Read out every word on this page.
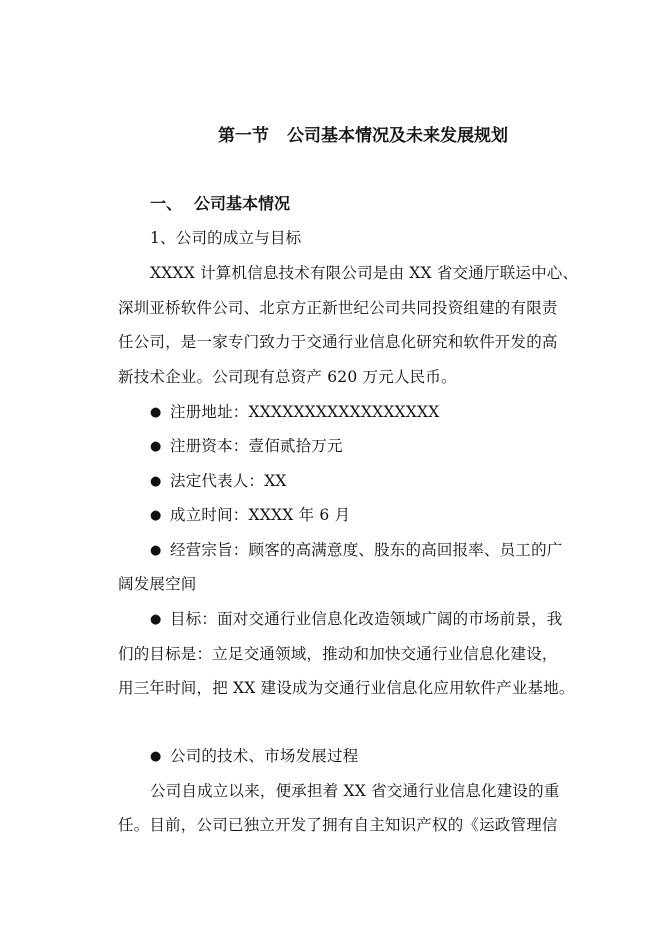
第一节 公司基本情况及未来发展规划
一、 公司基本情况
1、公司的成立与目标
XXXX 计算机信息技术有限公司是由 XX 省交通厅联运中心、
深圳亚桥软件公司、北京方正新世纪公司共同投资组建的有限责
任公司，是一家专门致力于交通行业信息化研究和软件开发的高
新技术企业。公司现有总资产 620 万元人民币。
● 注册地址：XXXXXXXXXXXXXXXXX
● 注册资本：壹佰贰拾万元
● 法定代表人：XX
● 成立时间：XXXX 年 6 月
● 经营宗旨：顾客的高满意度、股东的高回报率、员工的广
阔发展空间
● 目标：面对交通行业信息化改造领域广阔的市场前景，我
们的目标是：立足交通领域，推动和加快交通行业信息化建设，
用三年时间，把 XX 建设成为交通行业信息化应用软件产业基地。
● 公司的技术、市场发展过程
公司自成立以来，便承担着 XX 省交通行业信息化建设的重
任。目前，公司已独立开发了拥有自主知识产权的《运政管理信
